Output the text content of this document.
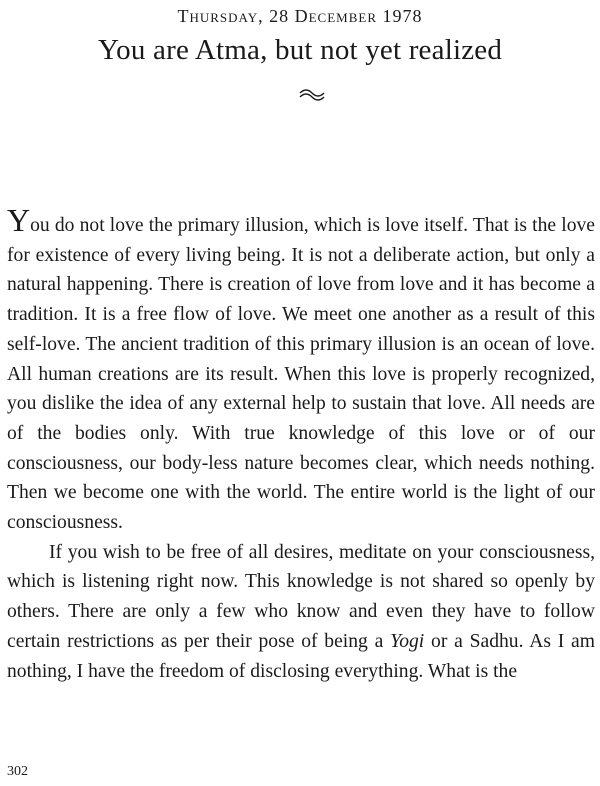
Thursday, 28 December 1978
You are Atma, but not yet realized

You do not love the primary illusion, which is love itself. That is the love for existence of every living being. It is not a deliberate action, but only a natural happening. There is creation of love from love and it has become a tradition. It is a free flow of love. We meet one another as a result of this self-love. The ancient tradition of this primary illusion is an ocean of love. All human creations are its result. When this love is properly recognized, you dislike the idea of any external help to sustain that love. All needs are of the bodies only. With true knowledge of this love or of our consciousness, our body-less nature becomes clear, which needs nothing. Then we become one with the world. The entire world is the light of our consciousness.

If you wish to be free of all desires, meditate on your consciousness, which is listening right now. This knowledge is not shared so openly by others. There are only a few who know and even they have to follow certain restrictions as per their pose of being a Yogi or a Sadhu. As I am nothing, I have the freedom of disclosing everything. What is the

302
